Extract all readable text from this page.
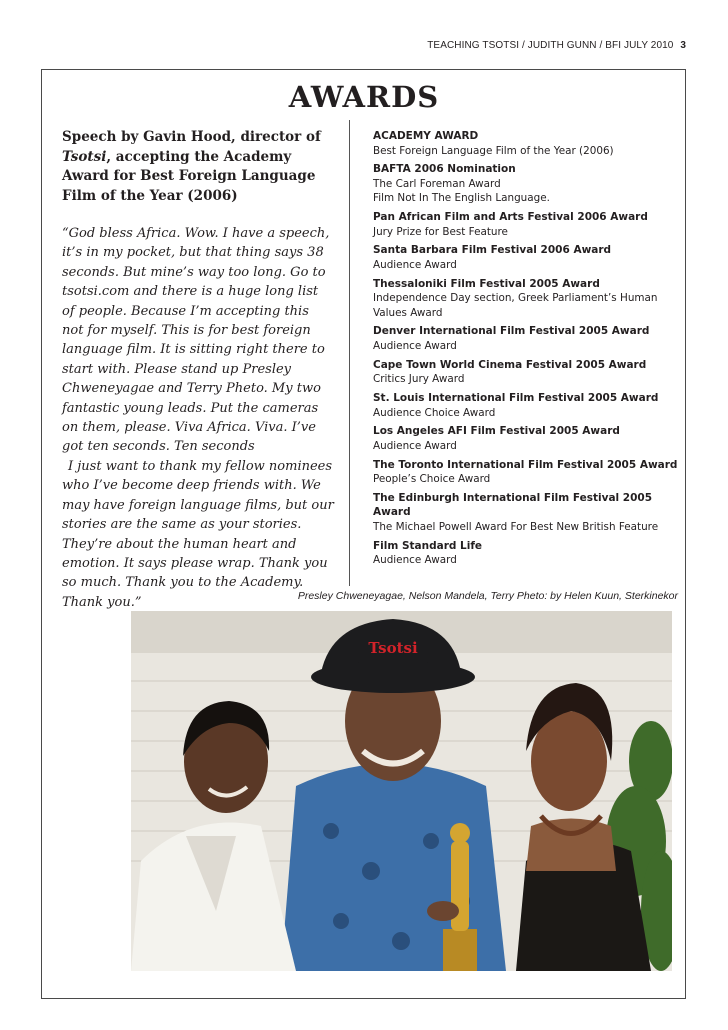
TEACHING TSOTSI / JUDITH GUNN / BFI JULY 2010 3
AWARDS
Speech by Gavin Hood, director of Tsotsi, accepting the Academy Award for Best Foreign Language Film of the Year (2006)

“God bless Africa. Wow. I have a speech, it’s in my pocket, but that thing says 38 seconds. But mine’s way too long. Go to tsotsi.com and there is a huge long list of people. Because I’m accepting this not for myself. This is for best foreign language film. It is sitting right there to start with. Please stand up Presley Chweneyagae and Terry Pheto. My two fantastic young leads. Put the cameras on them, please. Viva Africa. Viva. I’ve got ten seconds. Ten seconds

I just want to thank my fellow nominees who I’ve become deep friends with. We may have foreign language films, but our stories are the same as your stories. They’re about the human heart and emotion. It says please wrap. Thank you so much. Thank you to the Academy. Thank you.”

ACADEMY AWARD
Best Foreign Language Film of the Year (2006)
BAFTA 2006 Nomination
The Carl Foreman Award
Film Not In The English Language.
Pan African Film and Arts Festival 2006 Award
Jury Prize for Best Feature
Santa Barbara Film Festival 2006 Award
Audience Award
Thessaloniki Film Festival 2005 Award
Independence Day section, Greek Parliament’s Human
Values Award
Denver International Film Festival 2005 Award
Audience Award
Cape Town World Cinema Festival 2005 Award
Critics Jury Award
St. Louis International Film Festival 2005 Award
Audience Choice Award
Los Angeles AFI Film Festival 2005 Award
Audience Award
The Toronto International Film Festival 2005 Award
People’s Choice Award
The Edinburgh International Film Festival 2005 Award
The Michael Powell Award For Best New British Feature
Film Standard Life
Audience Award
Presley Chweneyagae, Nelson Mandela, Terry Pheto: by Helen Kuun, Sterkinekor
Tsotsi
